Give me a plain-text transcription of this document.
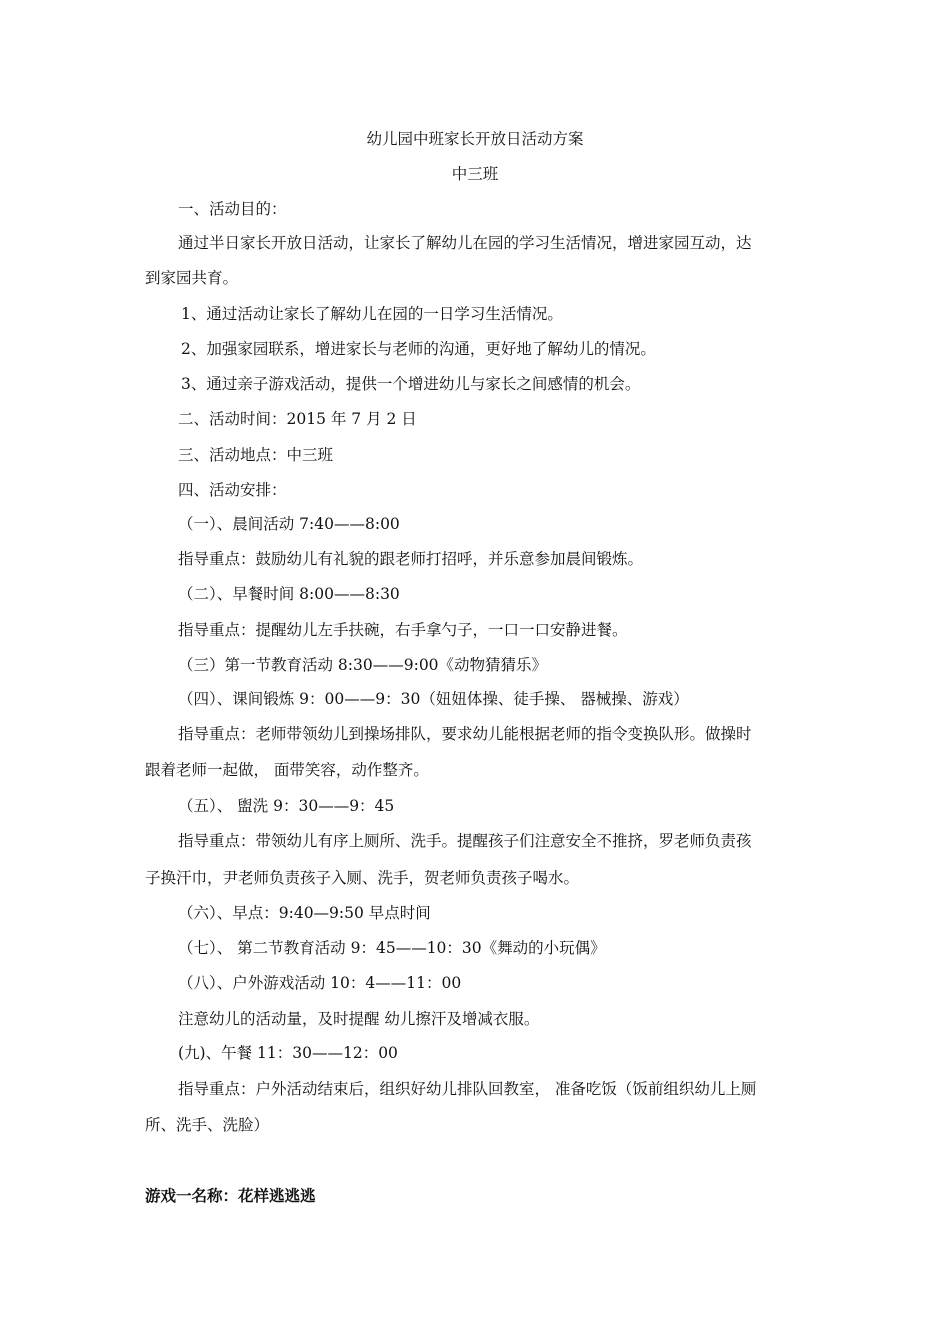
幼儿园中班家长开放日活动方案
中三班
一、活动目的：
通过半日家长开放日活动，让家长了解幼儿在园的学习生活情况，增进家园互动，达
到家园共育。
1、通过活动让家长了解幼儿在园的一日学习生活情况。
2、加强家园联系，增进家长与老师的沟通，更好地了解幼儿的情况。
3、通过亲子游戏活动，提供一个增进幼儿与家长之间感情的机会。
二、活动时间：2015 年 7 月 2 日
三、活动地点：中三班
四、活动安排：
（一）、晨间活动 7:40——8:00
指导重点：鼓励幼儿有礼貌的跟老师打招呼，并乐意参加晨间锻炼。
（二）、早餐时间 8:00——8:30
指导重点：提醒幼儿左手扶碗，右手拿勺子，一口一口安静进餐。
（三）第一节教育活动 8:30——9:00《动物猜猜乐》
（四）、课间锻炼 9：00——9：30（妞妞体操、徒手操、 器械操、游戏）
指导重点：老师带领幼儿到操场排队，要求幼儿能根据老师的指令变换队形。做操时
跟着老师一起做， 面带笑容，动作整齐。
（五）、 盥洗 9：30——9：45
指导重点：带领幼儿有序上厕所、洗手。提醒孩子们注意安全不推挤，罗老师负责孩
子换汗巾，尹老师负责孩子入厕、洗手，贺老师负责孩子喝水。
（六）、早点：9:40—9:50 早点时间
（七）、 第二节教育活动 9：45——10：30《舞动的小玩偶》
（八）、户外游戏活动 10：4——11：00
注意幼儿的活动量，及时提醒 幼儿擦汗及增减衣服。
(九)、午餐 11：30——12：00
指导重点：户外活动结束后，组织好幼儿排队回教室， 准备吃饭（饭前组织幼儿上厕
所、洗手、洗脸）
游戏一名称：花样逃逃逃
